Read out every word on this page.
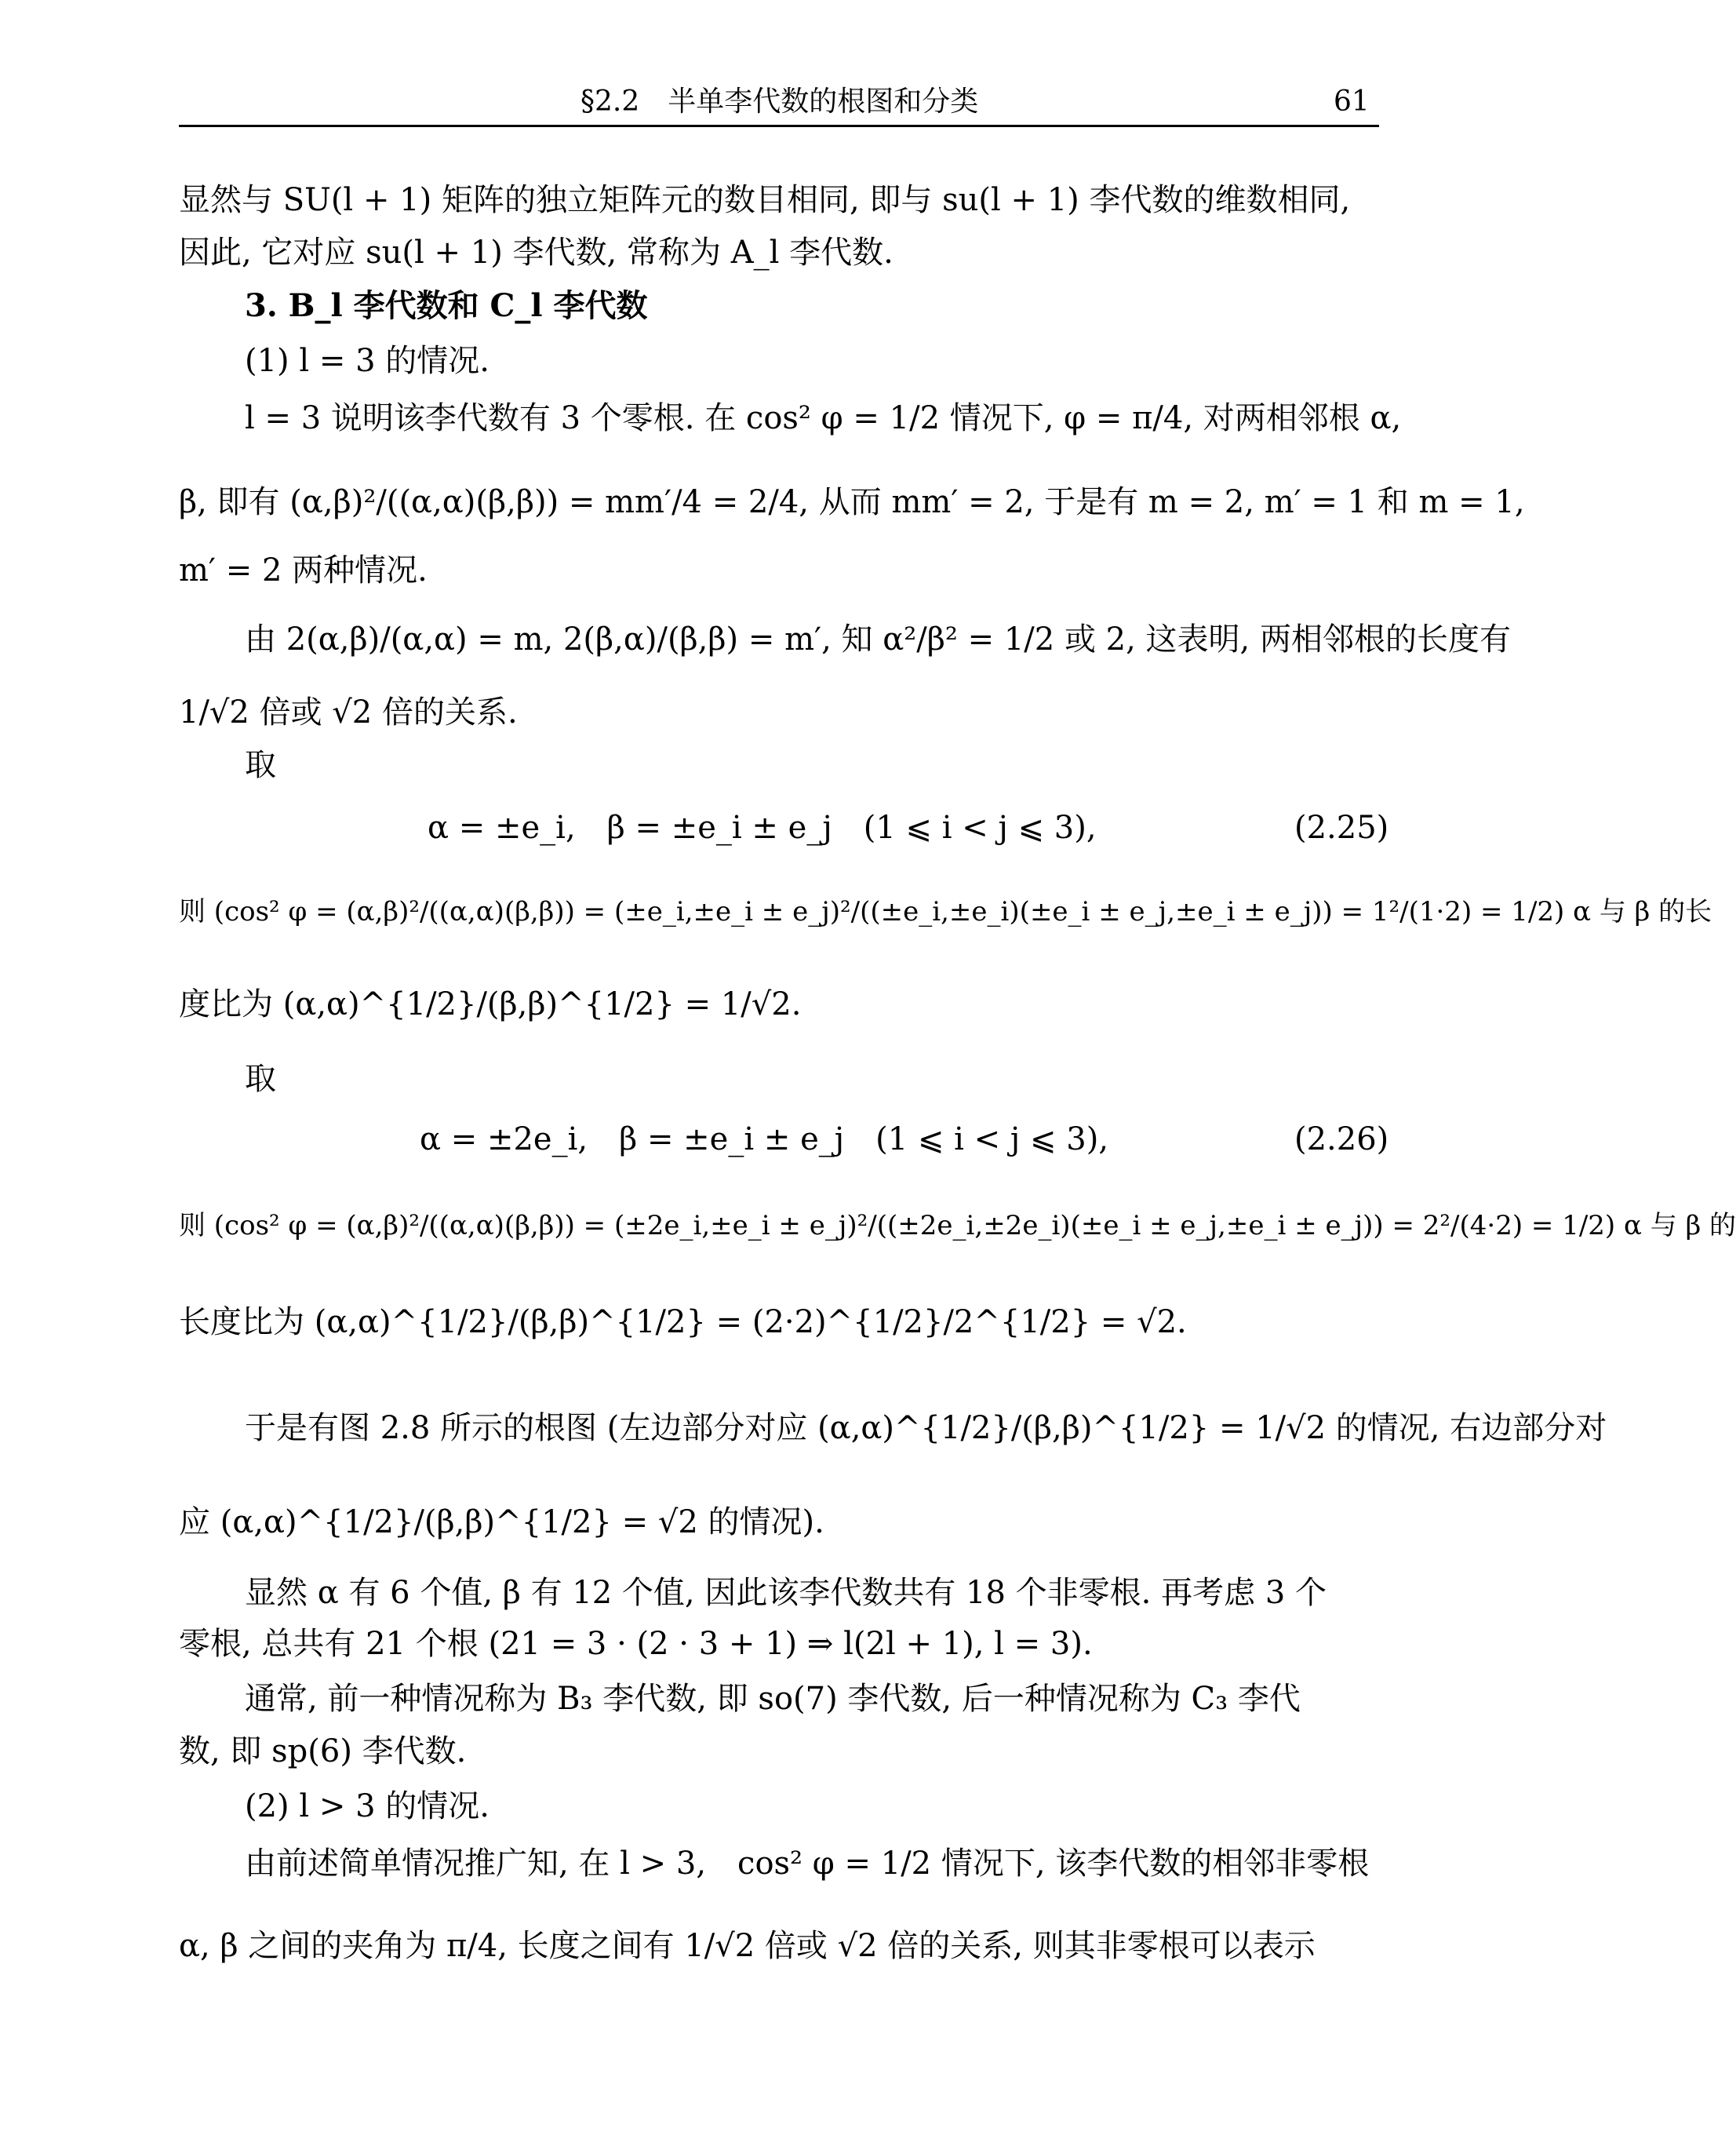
§2.2　半单李代数的根图和分类	61
显然与 SU(l + 1) 矩阵的独立矩阵元的数目相同, 即与 su(l + 1) 李代数的维数相同,
因此, 它对应 su(l + 1) 李代数, 常称为 A_l 李代数.
3. B_l 李代数和 C_l 李代数
(1) l = 3 的情况.
l = 3 说明该李代数有 3 个零根. 在 cos² φ = 1/2 情况下, φ = π/4, 对两相邻根 α,
β, 即有 (α,β)²/((α,α)(β,β)) = mm′/4 = 2/4, 从而 mm′ = 2, 于是有 m = 2, m′ = 1 和 m = 1,
m′ = 2 两种情况.
由 2(α,β)/(α,α) = m, 2(β,α)/(β,β) = m′, 知 α²/β² = 1/2 或 2, 这表明, 两相邻根的长度有
1/√2 倍或 √2 倍的关系.
取
α = ±e_i,　β = ±e_i ± e_j　(1 ⩽ i < j ⩽ 3),	(2.25)
则 (cos² φ = (α,β)²/((α,α)(β,β)) = (±e_i,±e_i ± e_j)²/((±e_i,±e_i)(±e_i ± e_j,±e_i ± e_j)) = 1²/(1·2) = 1/2) α 与 β 的长
度比为 (α,α)^{1/2}/(β,β)^{1/2} = 1/√2.
取
α = ±2e_i,　β = ±e_i ± e_j　(1 ⩽ i < j ⩽ 3),	(2.26)
则 (cos² φ = (α,β)²/((α,α)(β,β)) = (±2e_i,±e_i ± e_j)²/((±2e_i,±2e_i)(±e_i ± e_j,±e_i ± e_j)) = 2²/(4·2) = 1/2) α 与 β 的
长度比为 (α,α)^{1/2}/(β,β)^{1/2} = (2·2)^{1/2}/2^{1/2} = √2.
于是有图 2.8 所示的根图 (左边部分对应 (α,α)^{1/2}/(β,β)^{1/2} = 1/√2 的情况, 右边部分对
应 (α,α)^{1/2}/(β,β)^{1/2} = √2 的情况).
显然 α 有 6 个值, β 有 12 个值, 因此该李代数共有 18 个非零根. 再考虑 3 个
零根, 总共有 21 个根 (21 = 3 · (2 · 3 + 1) ⇒ l(2l + 1), l = 3).
通常, 前一种情况称为 B₃ 李代数, 即 so(7) 李代数, 后一种情况称为 C₃ 李代
数, 即 sp(6) 李代数.
(2) l > 3 的情况.
由前述简单情况推广知, 在 l > 3,　cos² φ = 1/2 情况下, 该李代数的相邻非零根
α, β 之间的夹角为 π/4, 长度之间有 1/√2 倍或 √2 倍的关系, 则其非零根可以表示
